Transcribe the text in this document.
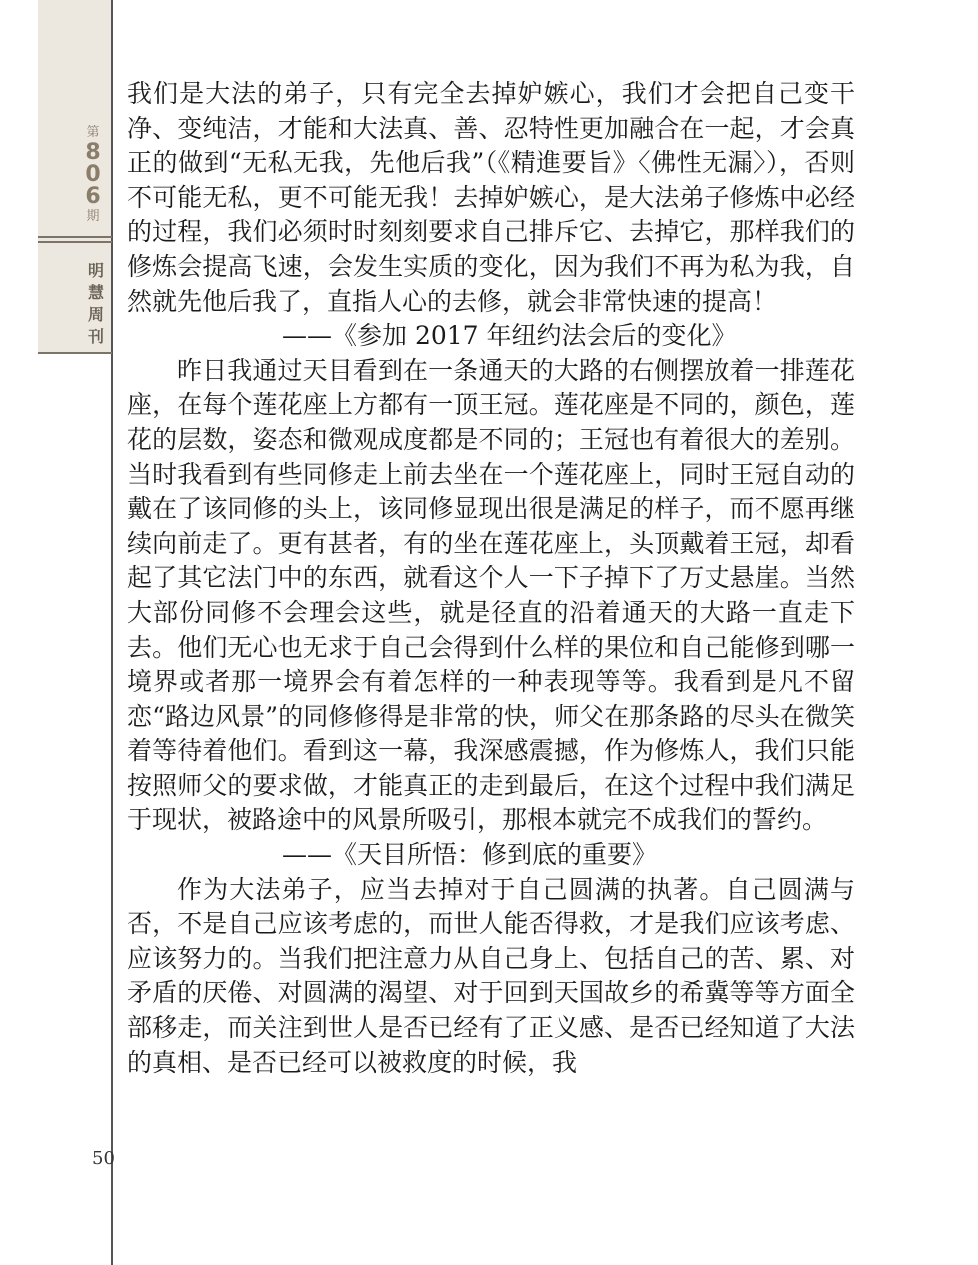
第
8
0
6
期
明
慧
周
刊
50

我们是大法的弟子，只有完全去掉妒嫉心，我们才会把自己变干净、变纯洁，才能和大法真、善、忍特性更加融合在一起，才会真正的做到“无私无我，先他后我”（《精進要旨》〈佛性无漏〉），否则不可能无私，更不可能无我！去掉妒嫉心，是大法弟子修炼中必经的过程，我们必须时时刻刻要求自己排斥它、去掉它，那样我们的修炼会提高飞速，会发生实质的变化，因为我们不再为私为我，自然就先他后我了，直指人心的去修，就会非常快速的提高！

——《参加 2017 年纽约法会后的变化》

昨日我通过天目看到在一条通天的大路的右侧摆放着一排莲花座，在每个莲花座上方都有一顶王冠。莲花座是不同的，颜色，莲花的层数，姿态和微观成度都是不同的；王冠也有着很大的差别。当时我看到有些同修走上前去坐在一个莲花座上，同时王冠自动的戴在了该同修的头上，该同修显现出很是满足的样子，而不愿再继续向前走了。更有甚者，有的坐在莲花座上，头顶戴着王冠，却看起了其它法门中的东西，就看这个人一下子掉下了万丈悬崖。当然大部份同修不会理会这些，就是径直的沿着通天的大路一直走下去。他们无心也无求于自己会得到什么样的果位和自己能修到哪一境界或者那一境界会有着怎样的一种表现等等。我看到是凡不留恋“路边风景”的同修修得是非常的快，师父在那条路的尽头在微笑着等待着他们。看到这一幕，我深感震撼，作为修炼人，我们只能按照师父的要求做，才能真正的走到最后，在这个过程中我们满足于现状，被路途中的风景所吸引，那根本就完不成我们的誓约。

——《天目所悟：修到底的重要》

作为大法弟子，应当去掉对于自己圆满的执著。自己圆满与否，不是自己应该考虑的，而世人能否得救，才是我们应该考虑、应该努力的。当我们把注意力从自己身上、包括自己的苦、累、对矛盾的厌倦、对圆满的渴望、对于回到天国故乡的希冀等等方面全部移走，而关注到世人是否已经有了正义感、是否已经知道了大法的真相、是否已经可以被救度的时候，我
